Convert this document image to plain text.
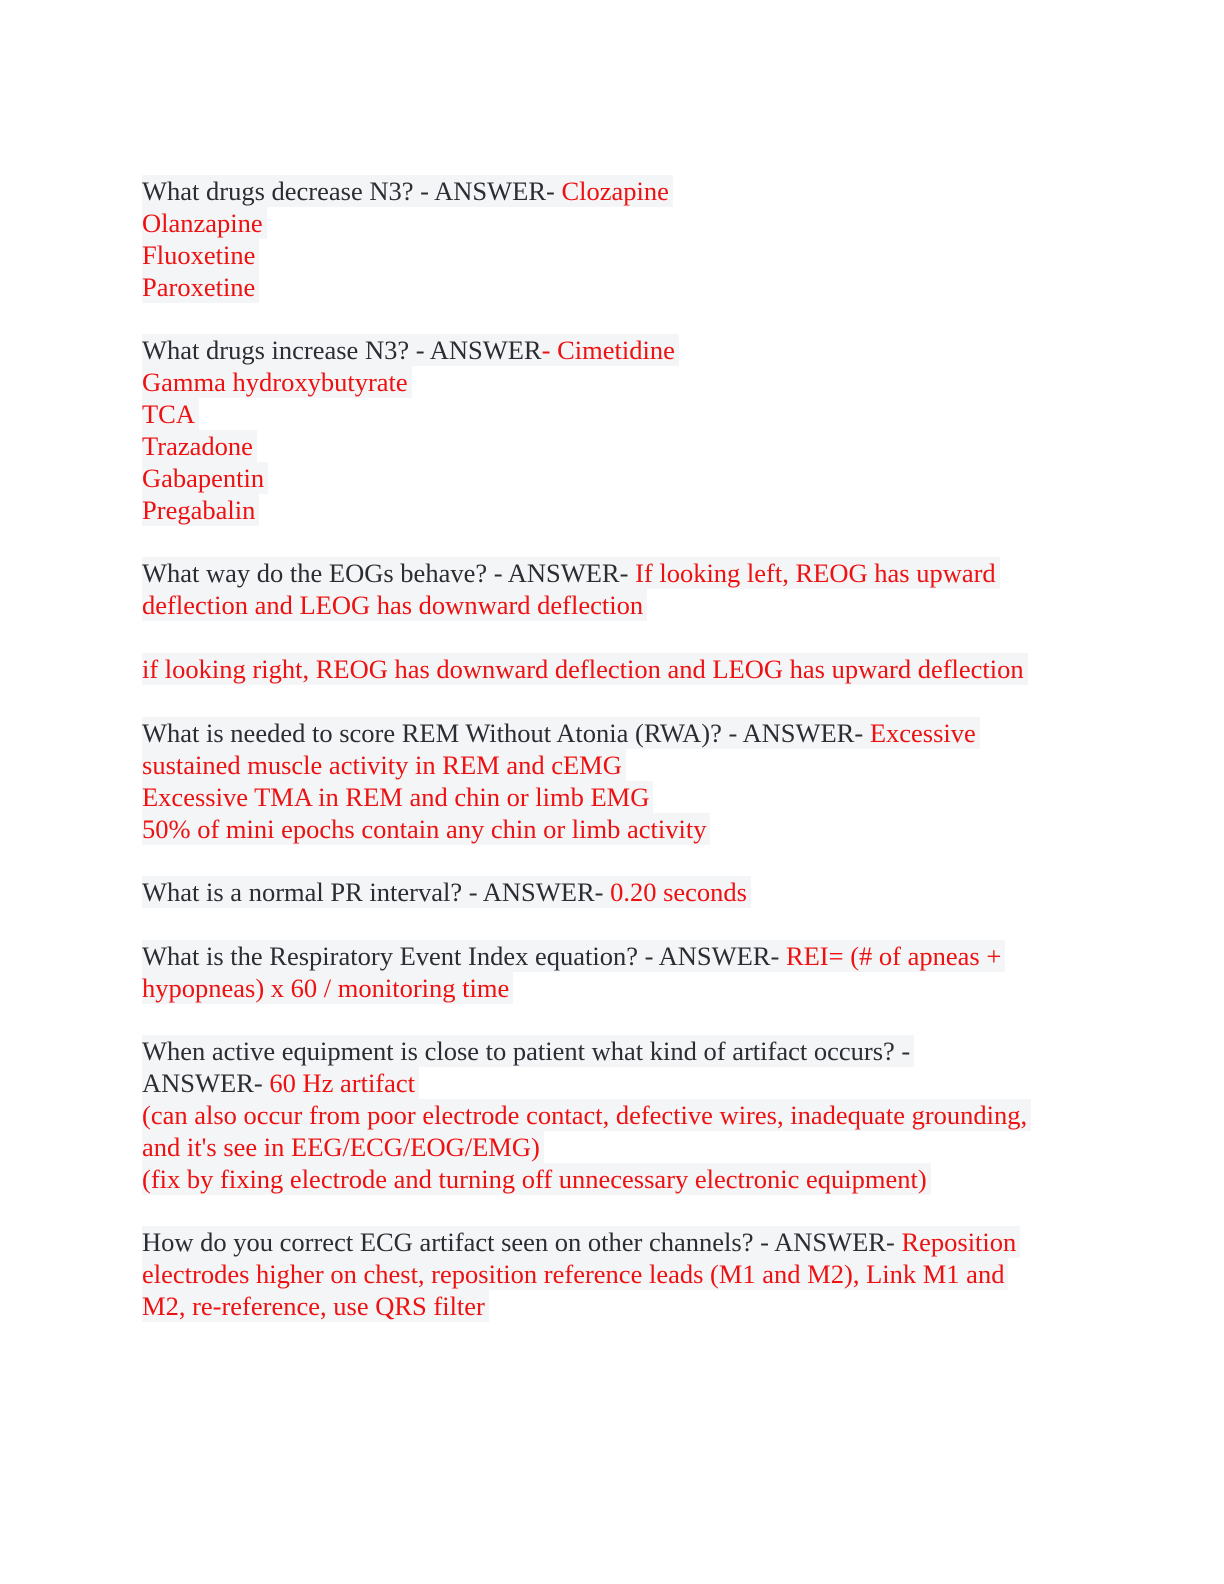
What drugs decrease N3? - ANSWER- Clozapine
Olanzapine
Fluoxetine
Paroxetine
What drugs increase N3? - ANSWER- Cimetidine
Gamma hydroxybutyrate
TCA
Trazadone
Gabapentin
Pregabalin
What way do the EOGs behave? - ANSWER- If looking left, REOG has upward
deflection and LEOG has downward deflection
if looking right, REOG has downward deflection and LEOG has upward deflection
What is needed to score REM Without Atonia (RWA)? - ANSWER- Excessive
sustained muscle activity in REM and cEMG
Excessive TMA in REM and chin or limb EMG
50% of mini epochs contain any chin or limb activity
What is a normal PR interval? - ANSWER- 0.20 seconds
What is the Respiratory Event Index equation? - ANSWER- REI= (# of apneas +
hypopneas) x 60 / monitoring time
When active equipment is close to patient what kind of artifact occurs? -
ANSWER- 60 Hz artifact
(can also occur from poor electrode contact, defective wires, inadequate grounding,
and it's see in EEG/ECG/EOG/EMG)
(fix by fixing electrode and turning off unnecessary electronic equipment)
How do you correct ECG artifact seen on other channels? - ANSWER- Reposition
electrodes higher on chest, reposition reference leads (M1 and M2), Link M1 and
M2, re-reference, use QRS filter
